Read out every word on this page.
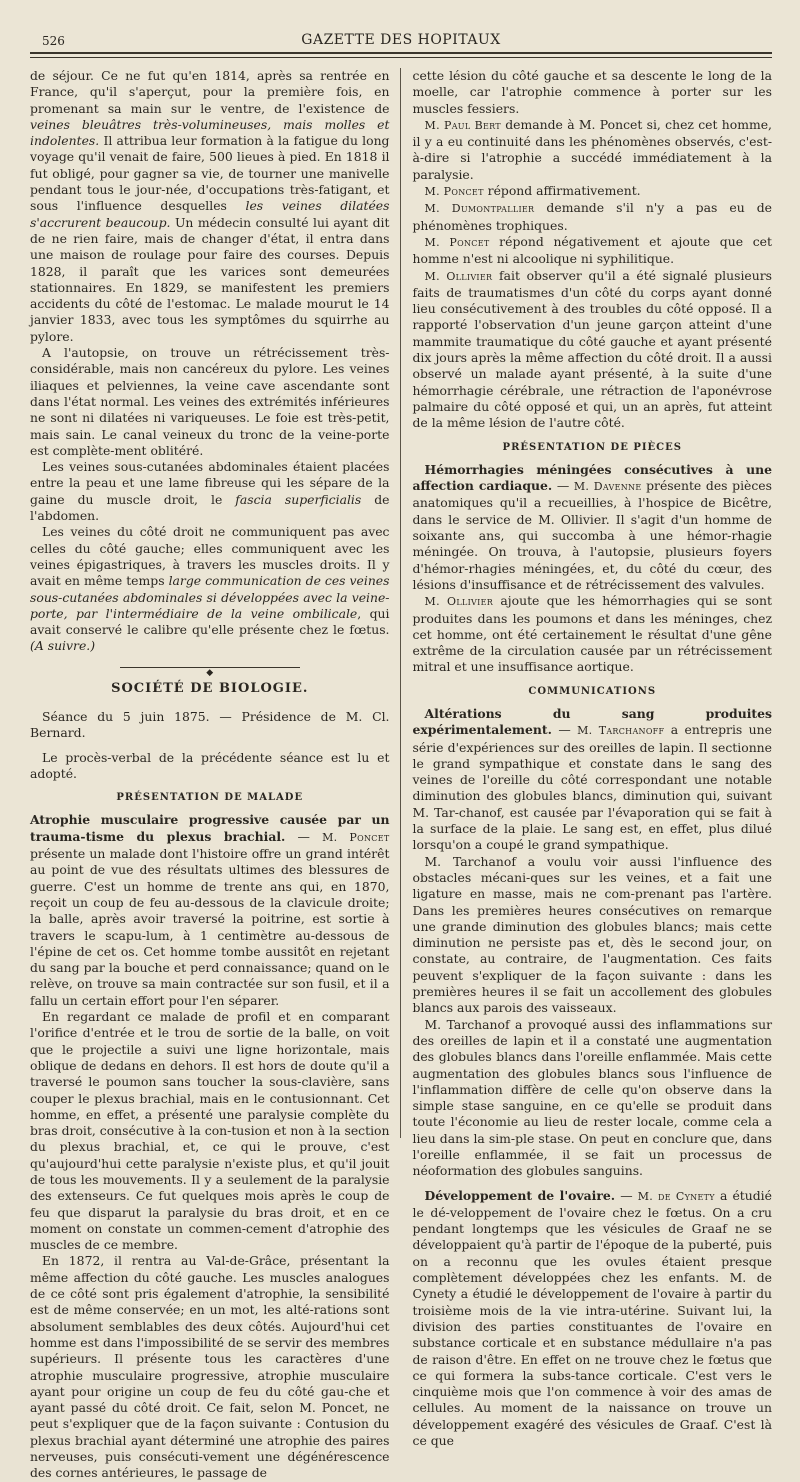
526	GAZETTE DES HOPITAUX

de séjour. Ce ne fut qu'en 1814, après sa rentrée en France, qu'il s'aperçut, pour la première fois, en promenant sa main sur le ventre, de l'existence de veines bleuâtres très-volumineuses, mais molles et indolentes. Il attribua leur formation à la fatigue du long voyage qu'il venait de faire, 500 lieues à pied. En 1818 il fut obligé, pour gagner sa vie, de tourner une manivelle pendant tous le jour-née, d'occupations très-fatigant, et sous l'influence desquelles les veines dilatées s'accrurent beaucoup. Un médecin consulté lui ayant dit de ne rien faire, mais de changer d'état, il entra dans une maison de roulage pour faire des courses. Depuis 1828, il paraît que les varices sont demeurées stationnaires. En 1829, se manifestent les premiers accidents du côté de l'estomac. Le malade mourut le 14 janvier 1833, avec tous les symptômes du squirrhe au pylore.

A l'autopsie, on trouve un rétrécissement très-considérable, mais non cancéreux du pylore. Les veines iliaques et pelviennes, la veine cave ascendante sont dans l'état normal. Les veines des extrémités inférieures ne sont ni dilatées ni variqueuses. Le foie est très-petit, mais sain. Le canal veineux du tronc de la veine-porte est complète-ment oblitéré.

Les veines sous-cutanées abdominales étaient placées entre la peau et une lame fibreuse qui les sépare de la gaine du muscle droit, le fascia superficialis de l'abdomen.

Les veines du côté droit ne communiquent pas avec celles du côté gauche; elles communiquent avec les veines épigastriques, à travers les muscles droits. Il y avait en même temps large communication de ces veines sous-cutanées abdominales si développées avec la veine-porte, par l'intermédiaire de la veine ombilicale, qui avait conservé le calibre qu'elle présente chez le fœtus. (A suivre.)

◆
SOCIÉTÉ DE BIOLOGIE.

Séance du 5 juin 1875. — Présidence de M. Cl. Bernard.

Le procès-verbal de la précédente séance est lu et adopté.

PRÉSENTATION DE MALADE

Atrophie musculaire progressive causée par un trauma-tisme du plexus brachial. — M. Poncet présente un malade dont l'histoire offre un grand intérêt au point de vue des résultats ultimes des blessures de guerre. C'est un homme de trente ans qui, en 1870, reçoit un coup de feu au-dessous de la clavicule droite; la balle, après avoir traversé la poitrine, est sortie à travers le scapu-lum, à 1 centimètre au-dessous de l'épine de cet os. Cet homme tombe aussitôt en rejetant du sang par la bouche et perd connaissance; quand on le relève, on trouve sa main contractée sur son fusil, et il a fallu un certain effort pour l'en séparer.

En regardant ce malade de profil et en comparant l'orifice d'entrée et le trou de sortie de la balle, on voit que le projectile a suivi une ligne horizontale, mais oblique de dedans en dehors. Il est hors de doute qu'il a traversé le poumon sans toucher la sous-clavière, sans couper le plexus brachial, mais en le contusionnant. Cet homme, en effet, a présenté une paralysie complète du bras droit, consécutive à la con-tusion et non à la section du plexus brachial, et, ce qui le prouve, c'est qu'aujourd'hui cette paralysie n'existe plus, et qu'il jouit de tous les mouvements. Il y a seulement de la paralysie des extenseurs. Ce fut quelques mois après le coup de feu que disparut la paralysie du bras droit, et en ce moment on constate un commen-cement d'atrophie des muscles de ce membre.

En 1872, il rentra au Val-de-Grâce, présentant la même affection du côté gauche. Les muscles analogues de ce côté sont pris également d'atrophie, la sensibilité est de même conservée; en un mot, les alté-rations sont absolument semblables des deux côtés. Aujourd'hui cet homme est dans l'impossibilité de se servir des membres supérieurs. Il présente tous les caractères d'une atrophie musculaire progressive, atrophie musculaire ayant pour origine un coup de feu du côté gau-che et ayant passé du côté droit. Ce fait, selon M. Poncet, ne peut s'expliquer que de la façon suivante : Contusion du plexus brachial ayant déterminé une atrophie des paires nerveuses, puis consécuti-vement une dégénérescence des cornes antérieures, le passage de

cette lésion du côté gauche et sa descente le long de la moelle, car l'atrophie commence à porter sur les muscles fessiers.

M. Paul Bert demande à M. Poncet si, chez cet homme, il y a eu continuité dans les phénomènes observés, c'est-à-dire si l'atrophie a succédé immédiatement à la paralysie.

M. Poncet répond affirmativement.

M. Dumontpallier demande s'il n'y a pas eu de phénomènes trophiques.

M. Poncet répond négativement et ajoute que cet homme n'est ni alcoolique ni syphilitique.

M. Ollivier fait observer qu'il a été signalé plusieurs faits de traumatismes d'un côté du corps ayant donné lieu consécutivement à des troubles du côté opposé. Il a rapporté l'observation d'un jeune garçon atteint d'une mammite traumatique du côté gauche et ayant présenté dix jours après la même affection du côté droit. Il a aussi observé un malade ayant présenté, à la suite d'une hémorrhagie cérébrale, une rétraction de l'aponévrose palmaire du côté opposé et qui, un an après, fut atteint de la même lésion de l'autre côté.

PRÉSENTATION DE PIÈCES

Hémorrhagies méningées consécutives à une affection cardiaque. — M. Davenne présente des pièces anatomiques qu'il a recueillies, à l'hospice de Bicêtre, dans le service de M. Ollivier. Il s'agit d'un homme de soixante ans, qui succomba à une hémor-rhagie méningée. On trouva, à l'autopsie, plusieurs foyers d'hémor-rhagies méningées, et, du côté du cœur, des lésions d'insuffisance et de rétrécissement des valvules.

M. Ollivier ajoute que les hémorrhagies qui se sont produites dans les poumons et dans les méninges, chez cet homme, ont été certainement le résultat d'une gêne extrême de la circulation causée par un rétrécissement mitral et une insuffisance aortique.

COMMUNICATIONS

Altérations du sang produites expérimentalement. — M. Tarchanoff a entrepris une série d'expériences sur des oreilles de lapin. Il sectionne le grand sympathique et constate dans le sang des veines de l'oreille du côté correspondant une notable diminution des globules blancs, diminution qui, suivant M. Tar-chanof, est causée par l'évaporation qui se fait à la surface de la plaie. Le sang est, en effet, plus dilué lorsqu'on a coupé le grand sympathique.

M. Tarchanof a voulu voir aussi l'influence des obstacles mécani-ques sur les veines, et a fait une ligature en masse, mais ne com-prenant pas l'artère. Dans les premières heures consécutives on remarque une grande diminution des globules blancs; mais cette diminution ne persiste pas et, dès le second jour, on constate, au contraire, de l'augmentation. Ces faits peuvent s'expliquer de la façon suivante : dans les premières heures il se fait un accollement des globules blancs aux parois des vaisseaux.

M. Tarchanof a provoqué aussi des inflammations sur des oreilles de lapin et il a constaté une augmentation des globules blancs dans l'oreille enflammée. Mais cette augmentation des globules blancs sous l'influence de l'inflammation diffère de celle qu'on observe dans la simple stase sanguine, en ce qu'elle se produit dans toute l'économie au lieu de rester locale, comme cela a lieu dans la sim-ple stase. On peut en conclure que, dans l'oreille enflammée, il se fait un processus de néoformation des globules sanguins.

Développement de l'ovaire. — M. de Cynety a étudié le dé-veloppement de l'ovaire chez le fœtus. On a cru pendant longtemps que les vésicules de Graaf ne se développaient qu'à partir de l'époque de la puberté, puis on a reconnu que les ovules étaient presque complètement développées chez les enfants. M. de Cynety a étudié le développement de l'ovaire à partir du troisième mois de la vie intra-utérine. Suivant lui, la division des parties constituantes de l'ovaire en substance corticale et en substance médullaire n'a pas de raison d'être. En effet on ne trouve chez le fœtus que ce qui formera la subs-tance corticale. C'est vers le cinquième mois que l'on commence à voir des amas de cellules. Au moment de la naissance on trouve un développement exagéré des vésicules de Graaf. C'est là ce que
